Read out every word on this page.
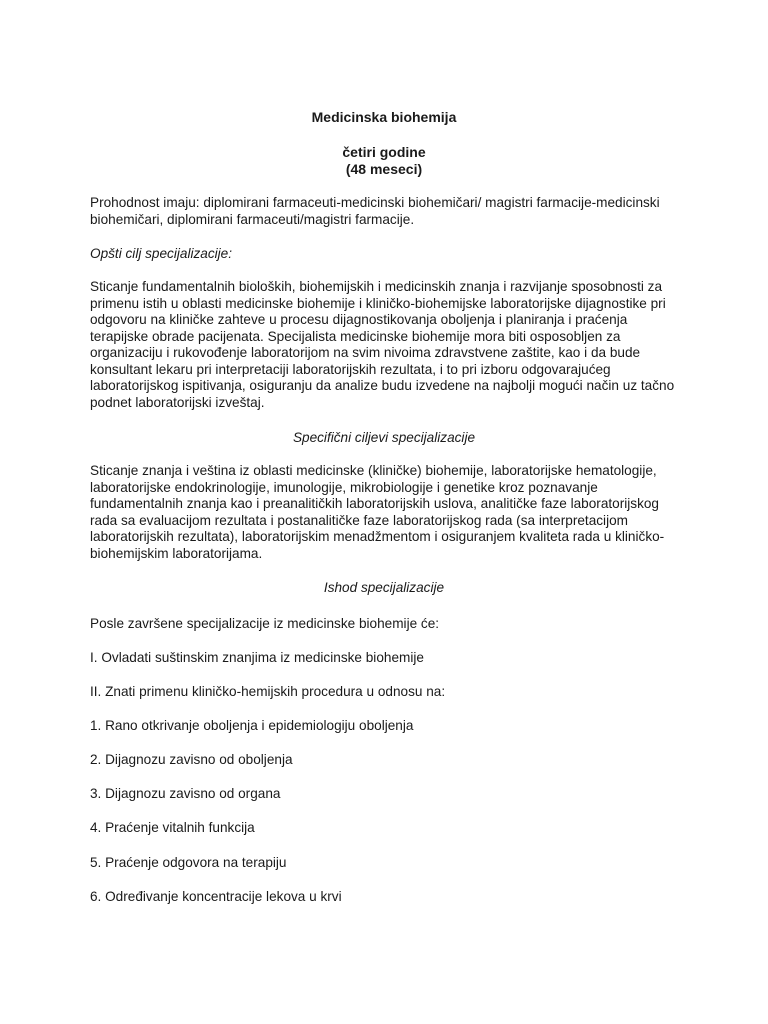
Medicinska biohemija
četiri godine
(48 meseci)

Prohodnost imaju: diplomirani farmaceuti-medicinski biohemičari/ magistri farmacije-medicinski biohemičari, diplomirani farmaceuti/magistri farmacije.

Opšti cilj specijalizacije:

Sticanje fundamentalnih bioloških, biohemijskih i medicinskih znanja i razvijanje sposobnosti za primenu istih u oblasti medicinske biohemije i kliničko-biohemijske laboratorijske dijagnostike pri odgovoru na kliničke zahteve u procesu dijagnostikovanja oboljenja i planiranja i praćenja terapijske obrade pacijenata. Specijalista medicinske biohemije mora biti osposobljen za organizaciju i rukovođenje laboratorijom na svim nivoima zdravstvene zaštite, kao i da bude konsultant lekaru pri interpretaciji laboratorijskih rezultata, i to pri izboru odgovarajućeg laboratorijskog ispitivanja, osiguranju da analize budu izvedene na najbolji mogući način uz tačno podnet laboratorijski izveštaj.

Specifični ciljevi specijalizacije

Sticanje znanja i veština iz oblasti medicinske (kliničke) biohemije, laboratorijske hematologije, laboratorijske endokrinologije, imunologije, mikrobiologije i genetike kroz poznavanje fundamentalnih znanja kao i preanalitičkih laboratorijskih uslova, analitičke faze laboratorijskog rada sa evaluacijom rezultata i postanalitičke faze laboratorijskog rada (sa interpretacijom laboratorijskih rezultata), laboratorijskim menadžmentom i osiguranjem kvaliteta rada u kliničko-biohemijskim laboratorijama.

Ishod specijalizacije

Posle završene specijalizacije iz medicinske biohemije će:

I. Ovladati suštinskim znanjima iz medicinske biohemije

II. Znati primenu kliničko-hemijskih procedura u odnosu na:

1. Rano otkrivanje oboljenja i epidemiologiju oboljenja

2. Dijagnozu zavisno od oboljenja

3. Dijagnozu zavisno od organa

4. Praćenje vitalnih funkcija

5. Praćenje odgovora na terapiju

6. Određivanje koncentracije lekova u krvi
